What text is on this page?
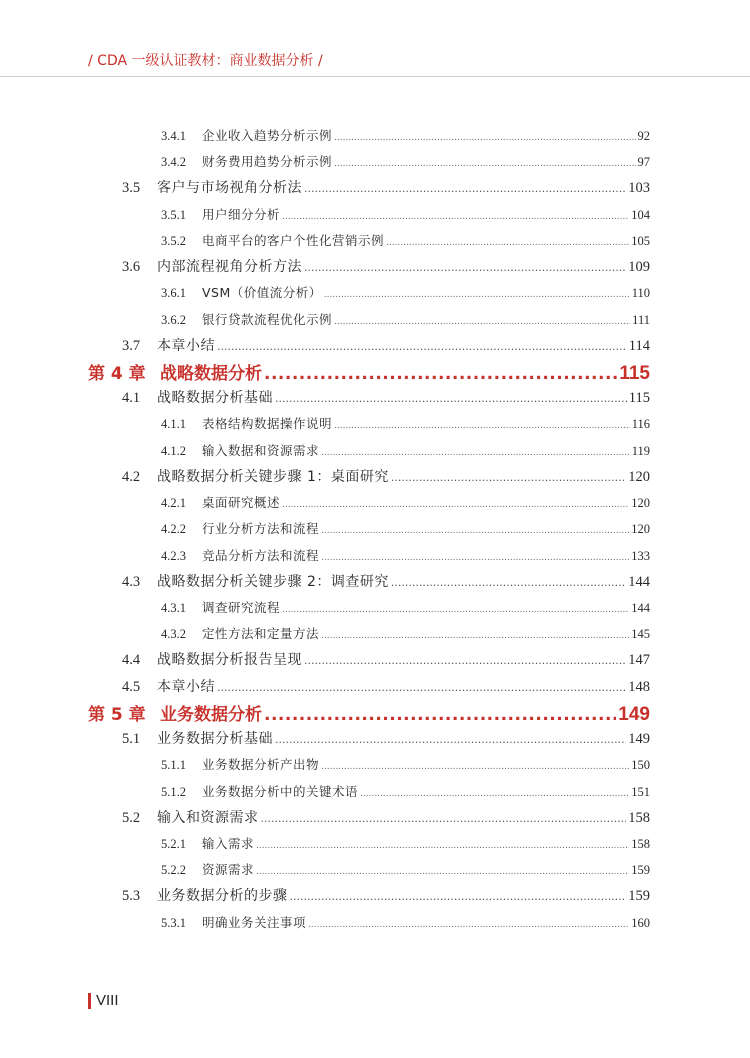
/ CDA 一级认证教材：商业数据分析 /
3.4.1	企业收入趋势分析示例 .....	92
3.4.2	财务费用趋势分析示例 .....	97
3.5	客户与市场视角分析法 .....	103
3.5.1	用户细分分析 .....	104
3.5.2	电商平台的客户个性化营销示例 .....	105
3.6	内部流程视角分析方法 .....	109
3.6.1	VSM（价值流分析） .....	110
3.6.2	银行贷款流程优化示例 .....	111
3.7	本章小结 .....	114
第 4 章 战略数据分析 .....	115
4.1	战略数据分析基础 .....	115
4.1.1	表格结构数据操作说明 .....	116
4.1.2	输入数据和资源需求 .....	119
4.2	战略数据分析关键步骤 1：桌面研究 .....	120
4.2.1	桌面研究概述 .....	120
4.2.2	行业分析方法和流程 .....	120
4.2.3	竞品分析方法和流程 .....	133
4.3	战略数据分析关键步骤 2：调查研究 .....	144
4.3.1	调查研究流程 .....	144
4.3.2	定性方法和定量方法 .....	145
4.4	战略数据分析报告呈现 .....	147
4.5	本章小结 .....	148
第 5 章 业务数据分析 .....	149
5.1	业务数据分析基础 .....	149
5.1.1	业务数据分析产出物 .....	150
5.1.2	业务数据分析中的关键术语 .....	151
5.2	输入和资源需求 .....	158
5.2.1	输入需求 .....	158
5.2.2	资源需求 .....	159
5.3	业务数据分析的步骤 .....	159
5.3.1	明确业务关注事项 .....	160
VIII
